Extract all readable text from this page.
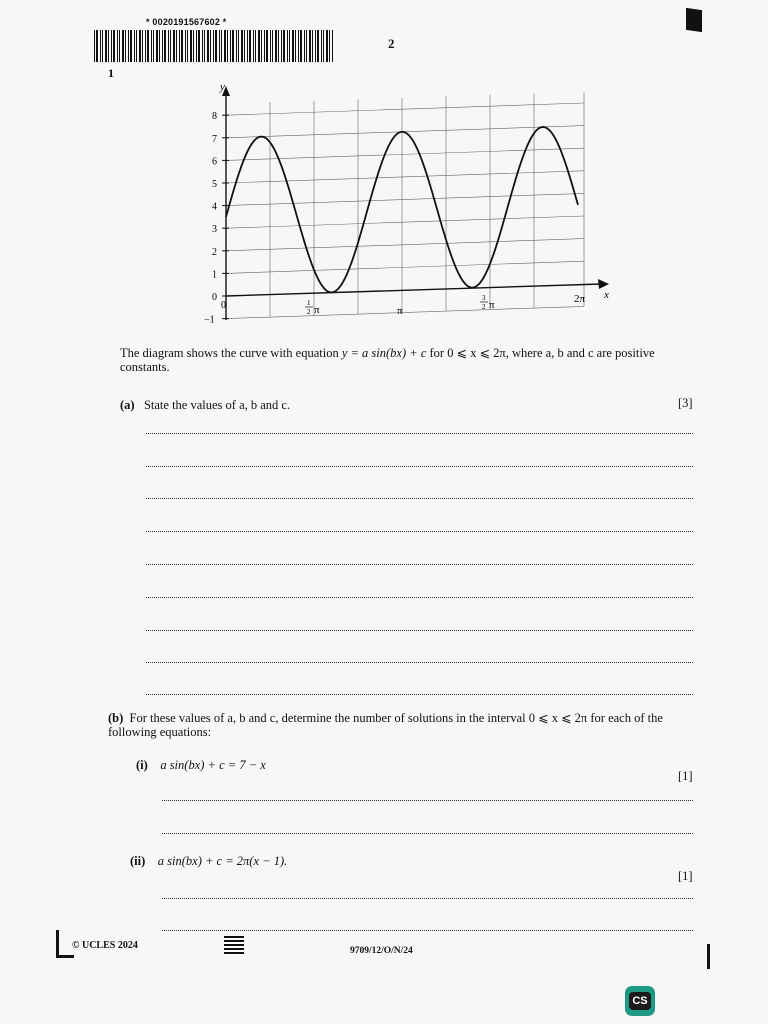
* 0020191567602 *
2
1
y
x
−1
0
1
2
3
4
5
6
7
8
0	1
2 π	π
3
2 π	2π
The diagram shows the curve with equation y = a sin(bx) + c for 0 ⩽ x ⩽ 2π, where a, b and c are positive constants.
(a) State the values of a, b and c.	[3]
(b) For these values of a, b and c, determine the number of solutions in the interval 0 ⩽ x ⩽ 2π for each of the following equations:
(i) a sin(bx) + c = 7 − x
[1]
(ii) a sin(bx) + c = 2π(x − 1).
[1]
© UCLES 2024	9709/12/O/N/24
CS
